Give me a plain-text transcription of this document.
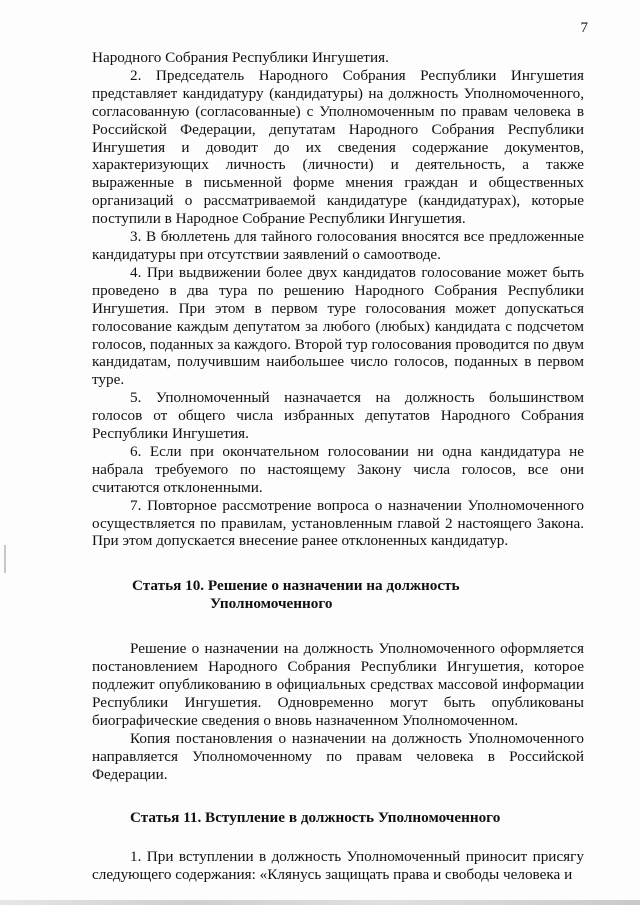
7

Народного Собрания Республики Ингушетия.

2. Председатель Народного Собрания Республики Ингушетия представляет кандидатуру (кандидатуры) на должность Уполномоченного, согласованную (согласованные) с Уполномоченным по правам человека в Российской Федерации, депутатам Народного Собрания Республики Ингушетия и доводит до их сведения содержание документов, характеризующих личность (личности) и деятельность, а также выраженные в письменной форме мнения граждан и общественных организаций о рассматриваемой кандидатуре (кандидатурах), которые поступили в Народное Собрание Республики Ингушетия.

3. В бюллетень для тайного голосования вносятся все предложенные кандидатуры при отсутствии заявлений о самоотводе.

4. При выдвижении более двух кандидатов голосование может быть проведено в два тура по решению Народного Собрания Республики Ингушетия. При этом в первом туре голосования может допускаться голосование каждым депутатом за любого (любых) кандидата с подсчетом голосов, поданных за каждого. Второй тур голосования проводится по двум кандидатам, получившим наибольшее число голосов, поданных в первом туре.

5. Уполномоченный назначается на должность большинством голосов от общего числа избранных депутатов Народного Собрания Республики Ингушетия.

6. Если при окончательном голосовании ни одна кандидатура не набрала требуемого по настоящему Закону числа голосов, все они считаются отклоненными.

7. Повторное рассмотрение вопроса о назначении Уполномоченного осуществляется по правилам, установленным главой 2 настоящего Закона. При этом допускается внесение ранее отклоненных кандидатур.

Статья 10. Решение о назначении на должность
Уполномоченного

Решение о назначении на должность Уполномоченного оформляется постановлением Народного Собрания Республики Ингушетия, которое подлежит опубликованию в официальных средствах массовой информации Республики Ингушетия. Одновременно могут быть опубликованы биографические сведения о вновь назначенном Уполномоченном.

Копия постановления о назначении на должность Уполномоченного направляется Уполномоченному по правам человека в Российской Федерации.

Статья 11. Вступление в должность Уполномоченного

1. При вступлении в должность Уполномоченный приносит присягу следующего содержания: «Клянусь защищать права и свободы человека и
